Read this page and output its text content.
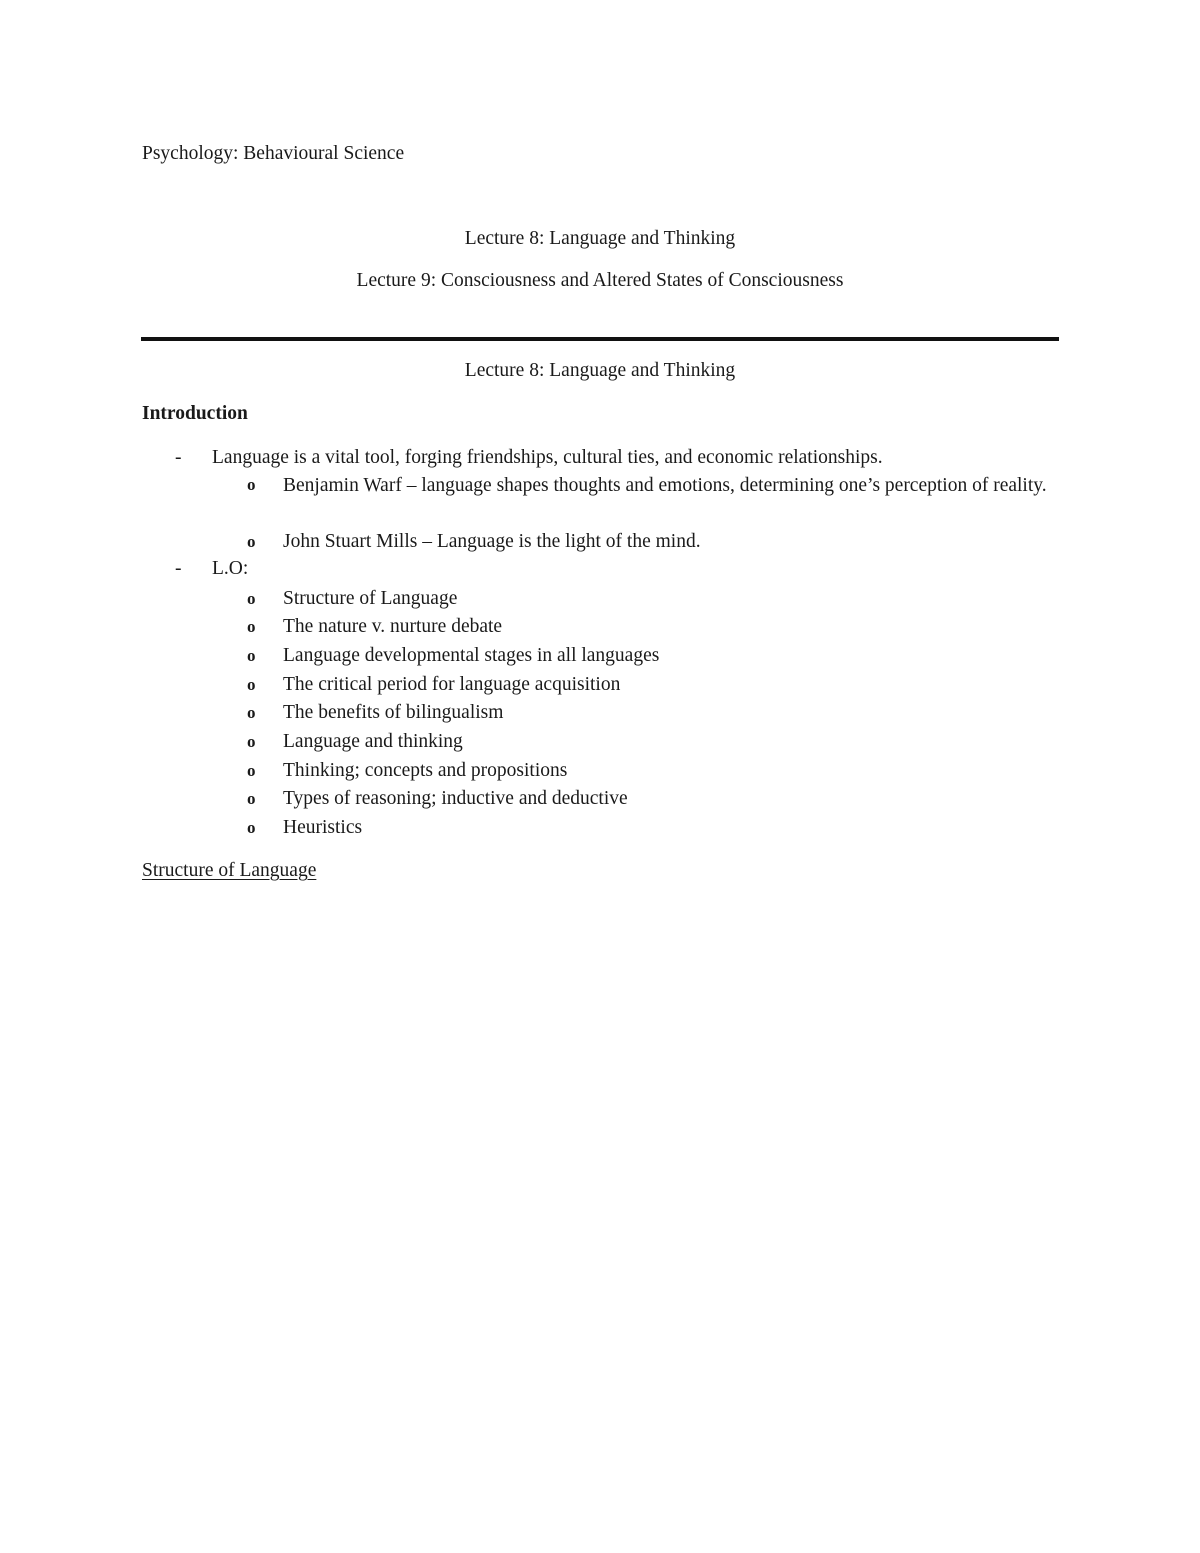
Psychology: Behavioural Science
Lecture 8: Language and Thinking
Lecture 9: Consciousness and Altered States of Consciousness
Lecture 8: Language and Thinking
Introduction
- Language is a vital tool, forging friendships, cultural ties, and economic relationships.
o Benjamin Warf – language shapes thoughts and emotions, determining one’s perception of reality.
o John Stuart Mills – Language is the light of the mind.
- L.O:
o Structure of Language
o The nature v. nurture debate
o Language developmental stages in all languages
o The critical period for language acquisition
o The benefits of bilingualism
o Language and thinking
o Thinking; concepts and propositions
o Types of reasoning; inductive and deductive
o Heuristics
Structure of Language
